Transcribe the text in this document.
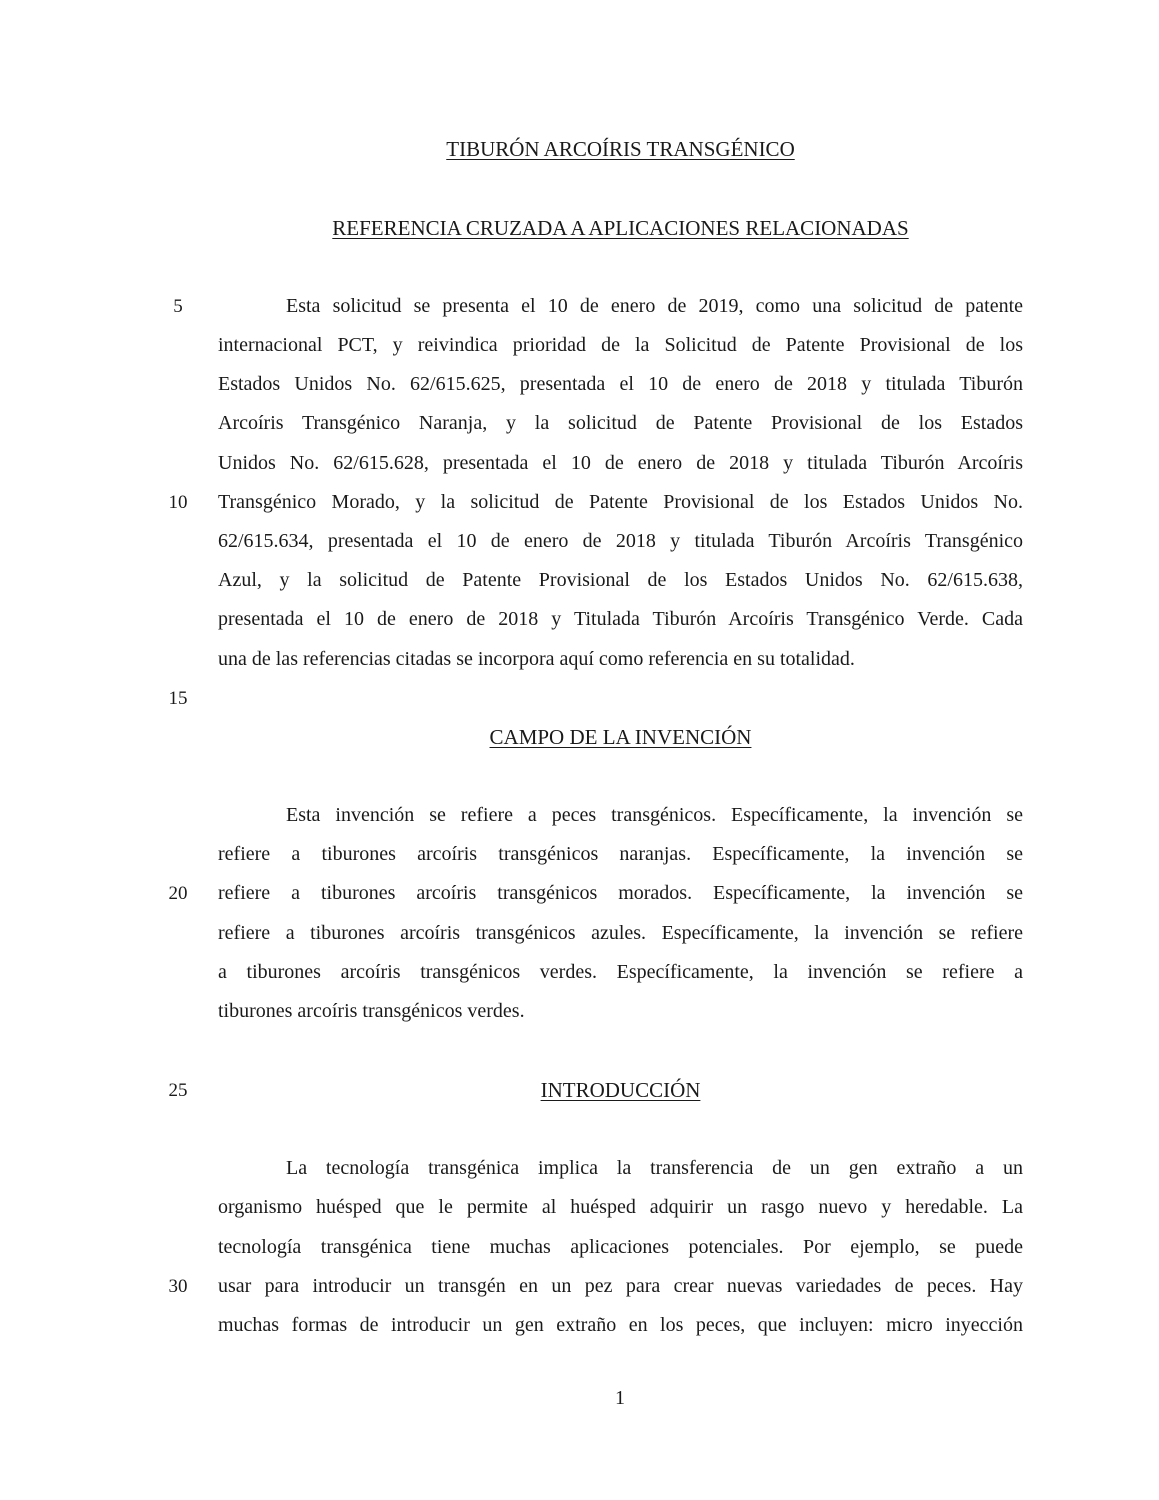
TIBURÓN ARCOÍRIS TRANSGÉNICO
REFERENCIA CRUZADA A APLICACIONES RELACIONADAS
Esta solicitud se presenta el 10 de enero de 2019, como una solicitud de patente
internacional PCT, y reivindica prioridad de la Solicitud de Patente Provisional de los
Estados Unidos No. 62/615.625, presentada el 10 de enero de 2018 y titulada Tiburón
Arcoíris Transgénico Naranja, y la solicitud de Patente Provisional de los Estados
Unidos No. 62/615.628, presentada el 10 de enero de 2018 y titulada Tiburón Arcoíris
Transgénico Morado, y la solicitud de Patente Provisional de los Estados Unidos No.
62/615.634, presentada el 10 de enero de 2018 y titulada Tiburón Arcoíris Transgénico
Azul, y la solicitud de Patente Provisional de los Estados Unidos No. 62/615.638,
presentada el 10 de enero de 2018 y Titulada Tiburón Arcoíris Transgénico Verde. Cada
una de las referencias citadas se incorpora aquí como referencia en su totalidad.
CAMPO DE LA INVENCIÓN
Esta invención se refiere a peces transgénicos. Específicamente, la invención se
refiere a tiburones arcoíris transgénicos naranjas. Específicamente, la invención se
refiere a tiburones arcoíris transgénicos morados. Específicamente, la invención se
refiere a tiburones arcoíris transgénicos azules. Específicamente, la invención se refiere
a tiburones arcoíris transgénicos verdes. Específicamente, la invención se refiere a
tiburones arcoíris transgénicos verdes.
INTRODUCCIÓN
La tecnología transgénica implica la transferencia de un gen extraño a un
organismo huésped que le permite al huésped adquirir un rasgo nuevo y heredable. La
tecnología transgénica tiene muchas aplicaciones potenciales. Por ejemplo, se puede
usar para introducir un transgén en un pez para crear nuevas variedades de peces. Hay
muchas formas de introducir un gen extraño en los peces, que incluyen: micro inyección
5
10
15
20
25
30
1
